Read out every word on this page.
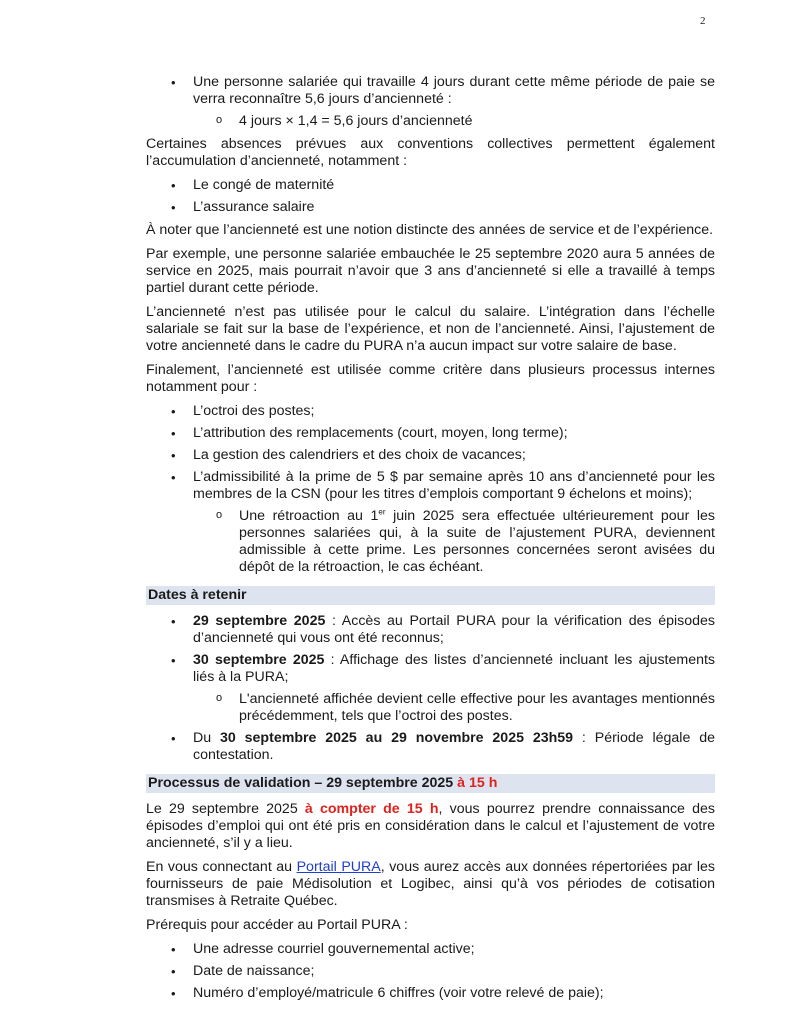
2
• Une personne salariée qui travaille 4 jours durant cette même période de paie se verra reconnaître 5,6 jours d’ancienneté :
o 4 jours × 1,4 = 5,6 jours d’ancienneté

Certaines absences prévues aux conventions collectives permettent également l’accumulation d’ancienneté, notamment :

• Le congé de maternité
• L’assurance salaire

À noter que l’ancienneté est une notion distincte des années de service et de l’expérience.

Par exemple, une personne salariée embauchée le 25 septembre 2020 aura 5 années de service en 2025, mais pourrait n’avoir que 3 ans d’ancienneté si elle a travaillé à temps partiel durant cette période.

L’ancienneté n’est pas utilisée pour le calcul du salaire. L’intégration dans l’échelle salariale se fait sur la base de l’expérience, et non de l’ancienneté. Ainsi, l’ajustement de votre ancienneté dans le cadre du PURA n’a aucun impact sur votre salaire de base.

Finalement, l’ancienneté est utilisée comme critère dans plusieurs processus internes notamment pour :

• L’octroi des postes;
• L’attribution des remplacements (court, moyen, long terme);
• La gestion des calendriers et des choix de vacances;
• L’admissibilité à la prime de 5 $ par semaine après 10 ans d’ancienneté pour les membres de la CSN (pour les titres d’emplois comportant 9 échelons et moins);
o Une rétroaction au 1er juin 2025 sera effectuée ultérieurement pour les personnes salariées qui, à la suite de l’ajustement PURA, deviennent admissible à cette prime. Les personnes concernées seront avisées du dépôt de la rétroaction, le cas échéant.
Dates à retenir
• 29 septembre 2025 : Accès au Portail PURA pour la vérification des épisodes d’ancienneté qui vous ont été reconnus;
• 30 septembre 2025 : Affichage des listes d’ancienneté incluant les ajustements liés à la PURA;
o L'ancienneté affichée devient celle effective pour les avantages mentionnés précédemment, tels que l’octroi des postes.
• Du 30 septembre 2025 au 29 novembre 2025 23h59 : Période légale de contestation.
Processus de validation – 29 septembre 2025 à 15 h

Le 29 septembre 2025 à compter de 15 h, vous pourrez prendre connaissance des épisodes d’emploi qui ont été pris en considération dans le calcul et l’ajustement de votre ancienneté, s’il y a lieu.

En vous connectant au Portail PURA, vous aurez accès aux données répertoriées par les fournisseurs de paie Médisolution et Logibec, ainsi qu’à vos périodes de cotisation transmises à Retraite Québec.

Prérequis pour accéder au Portail PURA :

• Une adresse courriel gouvernemental active;
• Date de naissance;
• Numéro d’employé/matricule 6 chiffres (voir votre relevé de paie);
